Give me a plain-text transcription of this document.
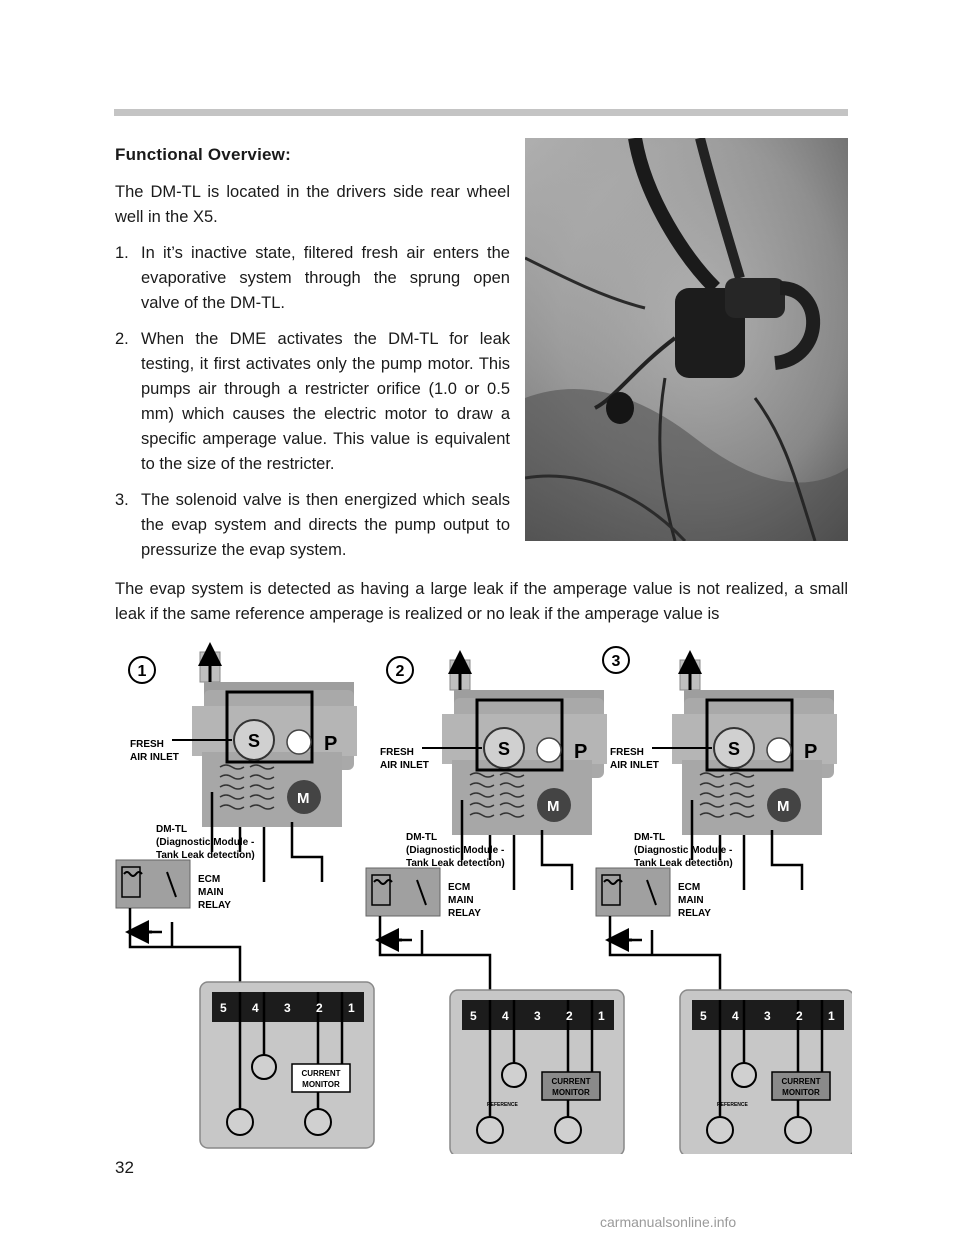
Functional Overview:

The DM-TL is located in the drivers side rear wheel well in the X5.

1. In it’s inactive state, filtered fresh air enters the evaporative system through the sprung open valve of the DM-TL.
2. When the DME activates the DM-TL for leak testing, it first activates only the pump motor. This pumps air through a restricter orifice (1.0 or 0.5 mm) which causes the electric motor to draw a specific amperage value. This value is equivalent to the size of the restricter.
3. The solenoid valve is then energized which seals the evap system and directs the pump output to pressurize the evap system.
The evap system is detected as having a large leak if the amperage value is not realized, a small leak if the same reference amperage is realized or no leak if the amperage value is
1	2
3
FRESH
AIR INLET	FRESH
AIR INLET
FRESH
AIR INLET
DM-TL
(Diagnostic Module -
Tank Leak detection)
DM-TL
(Diagnostic Module -
Tank Leak detection)
DM-TL
(Diagnostic Module -
Tank Leak detection)
ECM
MAIN
RELAY
ECM
MAIN
RELAY
ECM
MAIN
RELAY
S	P
M
S	P
M
S	P
M
5 4 3 2 1
5 4 3 2 1	5 4 3 2 1
CURRENT
MONITOR	CURRENT
MONITOR
REFERENCE
CURRENT
MONITOR
REFERENCE
32
carmanualsonline.info
